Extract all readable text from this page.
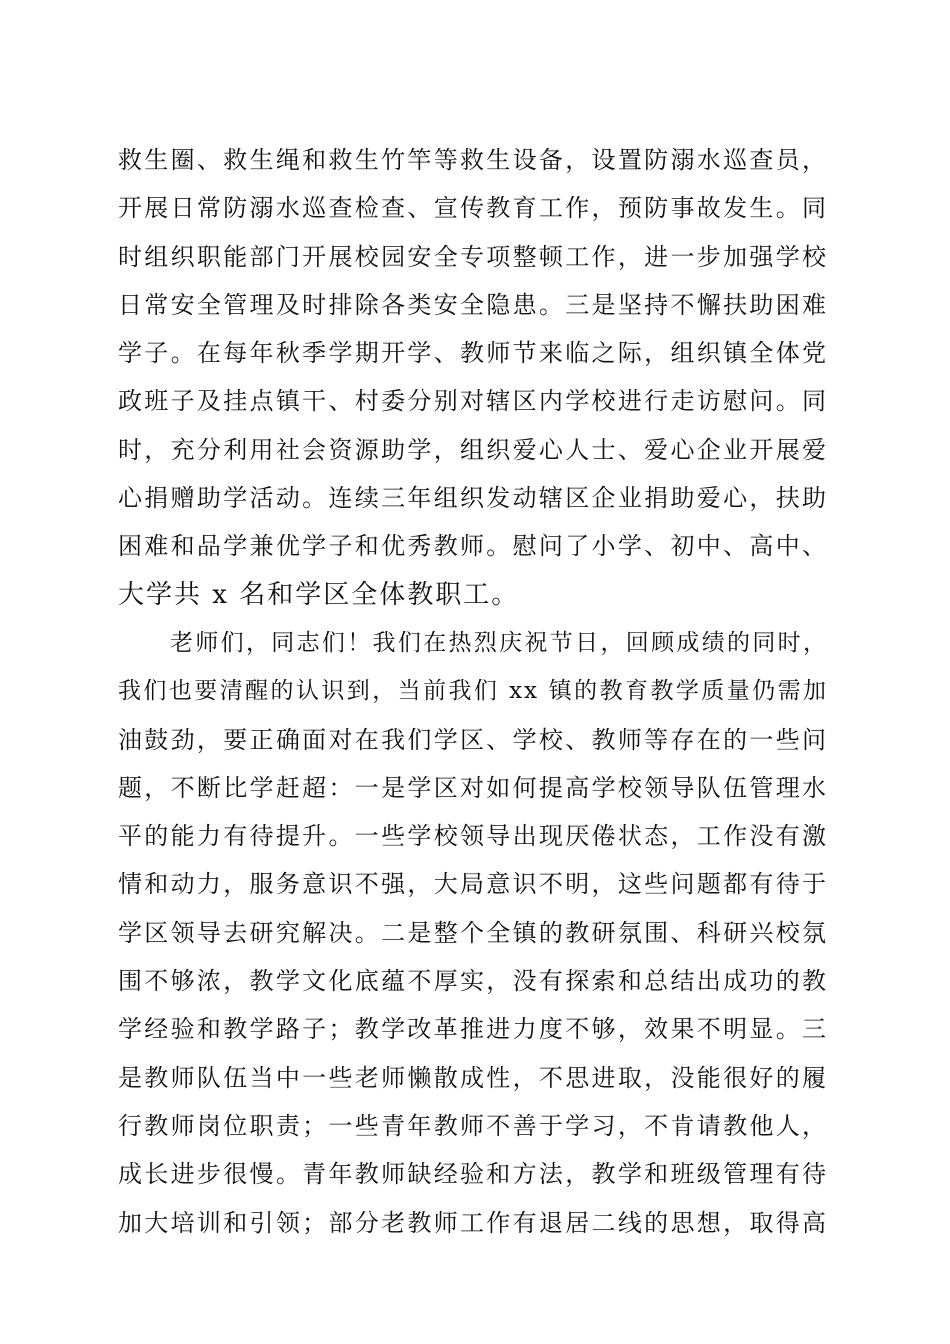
救生圈、救生绳和救生竹竿等救生设备，设置防溺水巡查员，
开展日常防溺水巡查检查、宣传教育工作，预防事故发生。同
时组织职能部门开展校园安全专项整顿工作，进一步加强学校
日常安全管理及时排除各类安全隐患。三是坚持不懈扶助困难
学子。在每年秋季学期开学、教师节来临之际，组织镇全体党
政班子及挂点镇干、村委分别对辖区内学校进行走访慰问。同
时，充分利用社会资源助学，组织爱心人士、爱心企业开展爱
心捐赠助学活动。连续三年组织发动辖区企业捐助爱心，扶助
困难和品学兼优学子和优秀教师。慰问了小学、初中、高中、
大学共 x 名和学区全体教职工。
老师们，同志们！我们在热烈庆祝节日，回顾成绩的同时，
我们也要清醒的认识到，当前我们 xx 镇的教育教学质量仍需加
油鼓劲，要正确面对在我们学区、学校、教师等存在的一些问
题，不断比学赶超：一是学区对如何提高学校领导队伍管理水
平的能力有待提升。一些学校领导出现厌倦状态，工作没有激
情和动力，服务意识不强，大局意识不明，这些问题都有待于
学区领导去研究解决。二是整个全镇的教研氛围、科研兴校氛
围不够浓，教学文化底蕴不厚实，没有探索和总结出成功的教
学经验和教学路子；教学改革推进力度不够，效果不明显。三
是教师队伍当中一些老师懒散成性，不思进取，没能很好的履
行教师岗位职责；一些青年教师不善于学习，不肯请教他人，
成长进步很慢。青年教师缺经验和方法，教学和班级管理有待
加大培训和引领；部分老教师工作有退居二线的思想，取得高
